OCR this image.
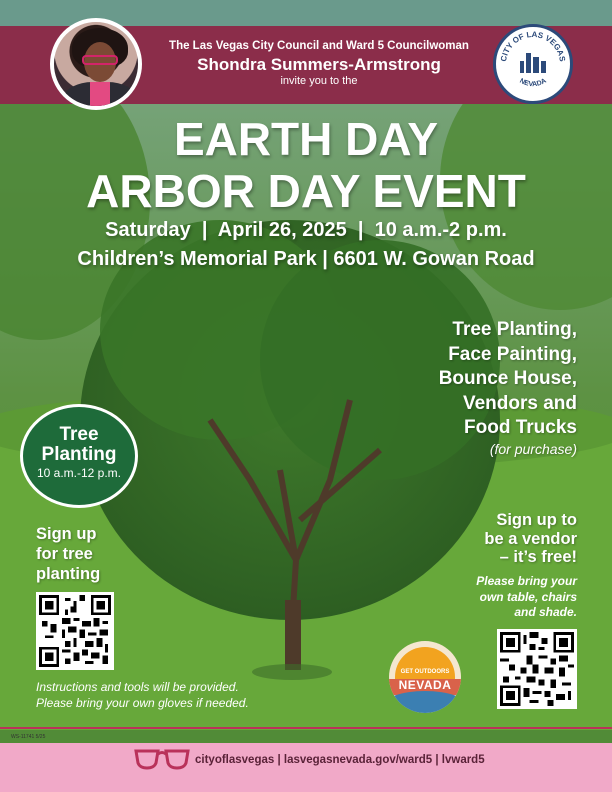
The Las Vegas City Council and Ward 5 Councilwoman
Shondra Summers-Armstrong
invite you to the
CITY OF LAS VEGAS
NEVADA
EARTH DAY
ARBOR DAY EVENT
Saturday  |  April 26, 2025  |  10 a.m.-2 p.m.
Children’s Memorial Park | 6601 W. Gowan Road
Tree Planting,
Face Painting,
Bounce House,
Vendors and
Food Trucks
(for purchase)
Tree
Planting
10 a.m.-12 p.m.
Sign up
for tree
planting
Sign up to
be a vendor
– it’s free!
Please bring your
own table, chairs
and shade.
Instructions and tools will be provided.
Please bring your own gloves if needed.
GET OUTDOORS
NEVADA
WS-11741 5/25
cityoflasvegas | lasvegasnevada.gov/ward5 | lvward5
